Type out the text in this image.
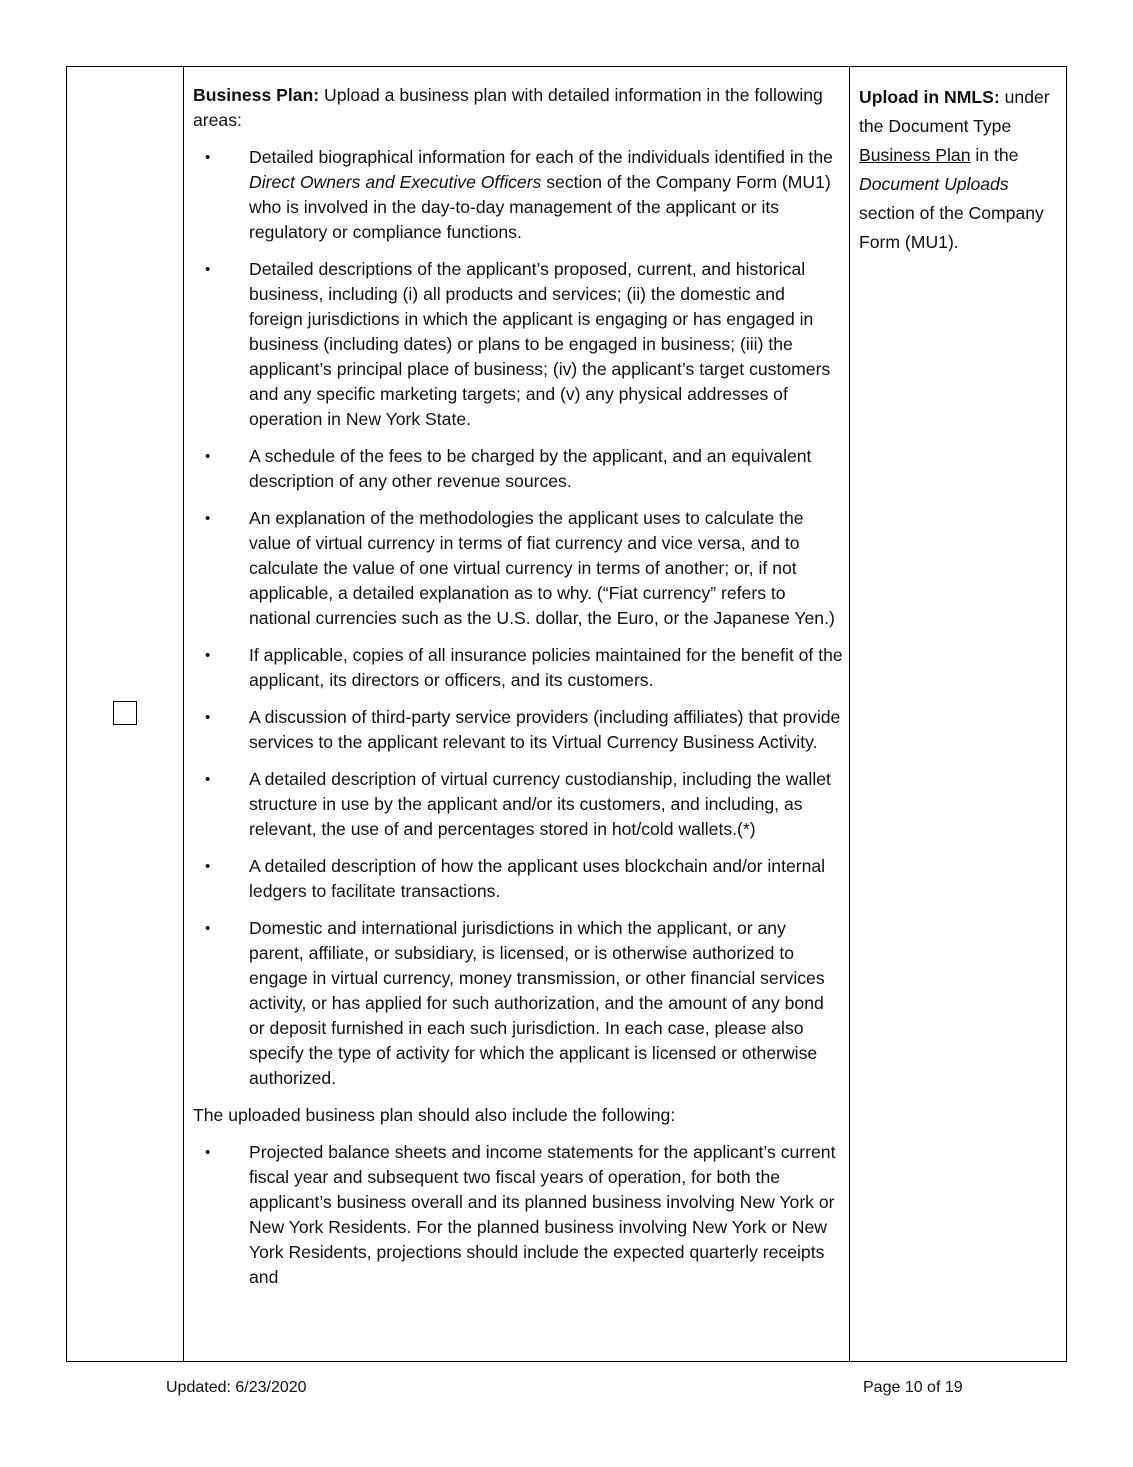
Business Plan: Upload a business plan with detailed information in the following areas:

• Detailed biographical information for each of the individuals identified in the Direct Owners and Executive Officers section of the Company Form (MU1) who is involved in the day-to-day management of the applicant or its regulatory or compliance functions.
• Detailed descriptions of the applicant’s proposed, current, and historical business, including (i) all products and services; (ii) the domestic and foreign jurisdictions in which the applicant is engaging or has engaged in business (including dates) or plans to be engaged in business; (iii) the applicant’s principal place of business; (iv) the applicant’s target customers and any specific marketing targets; and (v) any physical addresses of operation in New York State.
• A schedule of the fees to be charged by the applicant, and an equivalent description of any other revenue sources.
• An explanation of the methodologies the applicant uses to calculate the value of virtual currency in terms of fiat currency and vice versa, and to calculate the value of one virtual currency in terms of another; or, if not applicable, a detailed explanation as to why. (“Fiat currency” refers to national currencies such as the U.S. dollar, the Euro, or the Japanese Yen.)
• If applicable, copies of all insurance policies maintained for the benefit of the applicant, its directors or officers, and its customers.
• A discussion of third-party service providers (including affiliates) that provide services to the applicant relevant to its Virtual Currency Business Activity.
• A detailed description of virtual currency custodianship, including the wallet structure in use by the applicant and/or its customers, and including, as relevant, the use of and percentages stored in hot/cold wallets.(*)
• A detailed description of how the applicant uses blockchain and/or internal ledgers to facilitate transactions.
• Domestic and international jurisdictions in which the applicant, or any parent, affiliate, or subsidiary, is licensed, or is otherwise authorized to engage in virtual currency, money transmission, or other financial services activity, or has applied for such authorization, and the amount of any bond or deposit furnished in each such jurisdiction. In each case, please also specify the type of activity for which the applicant is licensed or otherwise authorized.

The uploaded business plan should also include the following:

• Projected balance sheets and income statements for the applicant’s current fiscal year and subsequent two fiscal years of operation, for both the applicant’s business overall and its planned business involving New York or New York Residents. For the planned business involving New York or New York Residents, projections should include the expected quarterly receipts and
Upload in NMLS: under the Document Type Business Plan in the Document Uploads section of the Company Form (MU1).
Updated: 6/23/2020	Page 10 of 19
